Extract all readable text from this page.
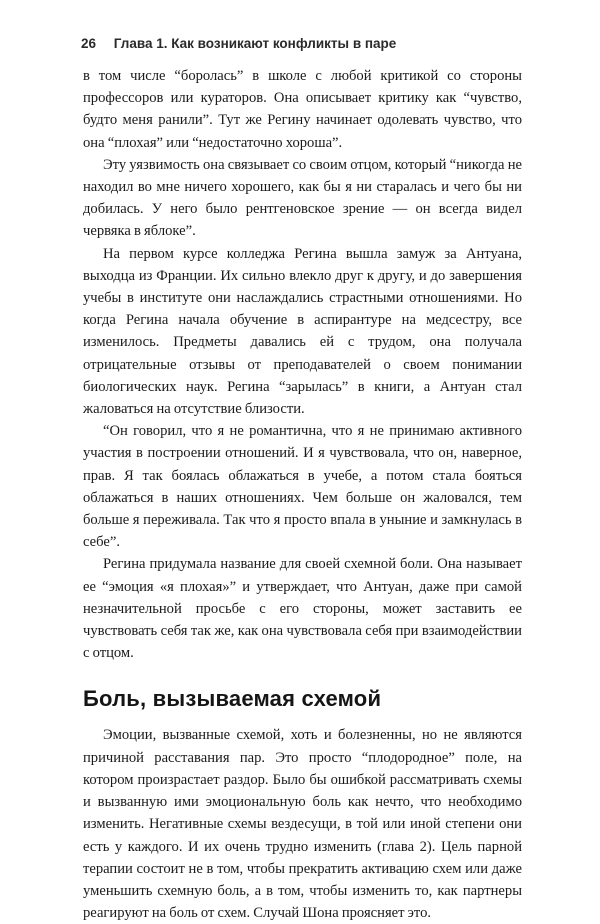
26 Глава 1. Как возникают конфликты в паре

в том числе “боролась” в школе с любой критикой со стороны профессоров или кураторов. Она описывает критику как “чувство, будто меня ранили”. Тут же Регину начинает одолевать чувство, что она “плохая” или “недостаточно хороша”.

Эту уязвимость она связывает со своим отцом, который “никогда не находил во мне ничего хорошего, как бы я ни старалась и чего бы ни добилась. У него было рентгеновское зрение — он всегда видел червяка в яблоке”.

На первом курсе колледжа Регина вышла замуж за Антуана, выходца из Франции. Их сильно влекло друг к другу, и до завершения учебы в институте они наслаждались страстными отношениями. Но когда Регина начала обучение в аспирантуре на медсестру, все изменилось. Предметы давались ей с трудом, она получала отрицательные отзывы от преподавателей о своем понимании биологических наук. Регина “зарылась” в книги, а Антуан стал жаловаться на отсутствие близости.

“Он говорил, что я не романтична, что я не принимаю активного участия в построении отношений. И я чувствовала, что он, наверное, прав. Я так боялась облажаться в учебе, а потом стала бояться облажаться в наших отношениях. Чем больше он жаловался, тем больше я переживала. Так что я просто впала в уныние и замкнулась в себе”.

Регина придумала название для своей схемной боли. Она называет ее “эмоция «я плохая»” и утверждает, что Антуан, даже при самой незначительной просьбе с его стороны, может заставить ее чувствовать себя так же, как она чувствовала себя при взаимодействии с отцом.

Боль, вызываемая схемой

Эмоции, вызванные схемой, хоть и болезненны, но не являются причиной расставания пар. Это просто “плодородное” поле, на котором произрастает раздор. Было бы ошибкой рассматривать схемы и вызванную ими эмоциональную боль как нечто, что необходимо изменить. Негативные схемы вездесущи, в той или иной степени они есть у каждого. И их очень трудно изменить (глава 2). Цель парной терапии состоит не в том, чтобы прекратить активацию схем или даже уменьшить схемную боль, а в том, чтобы изменить то, как партнеры реагируют на боль от схем. Случай Шона проясняет это.
